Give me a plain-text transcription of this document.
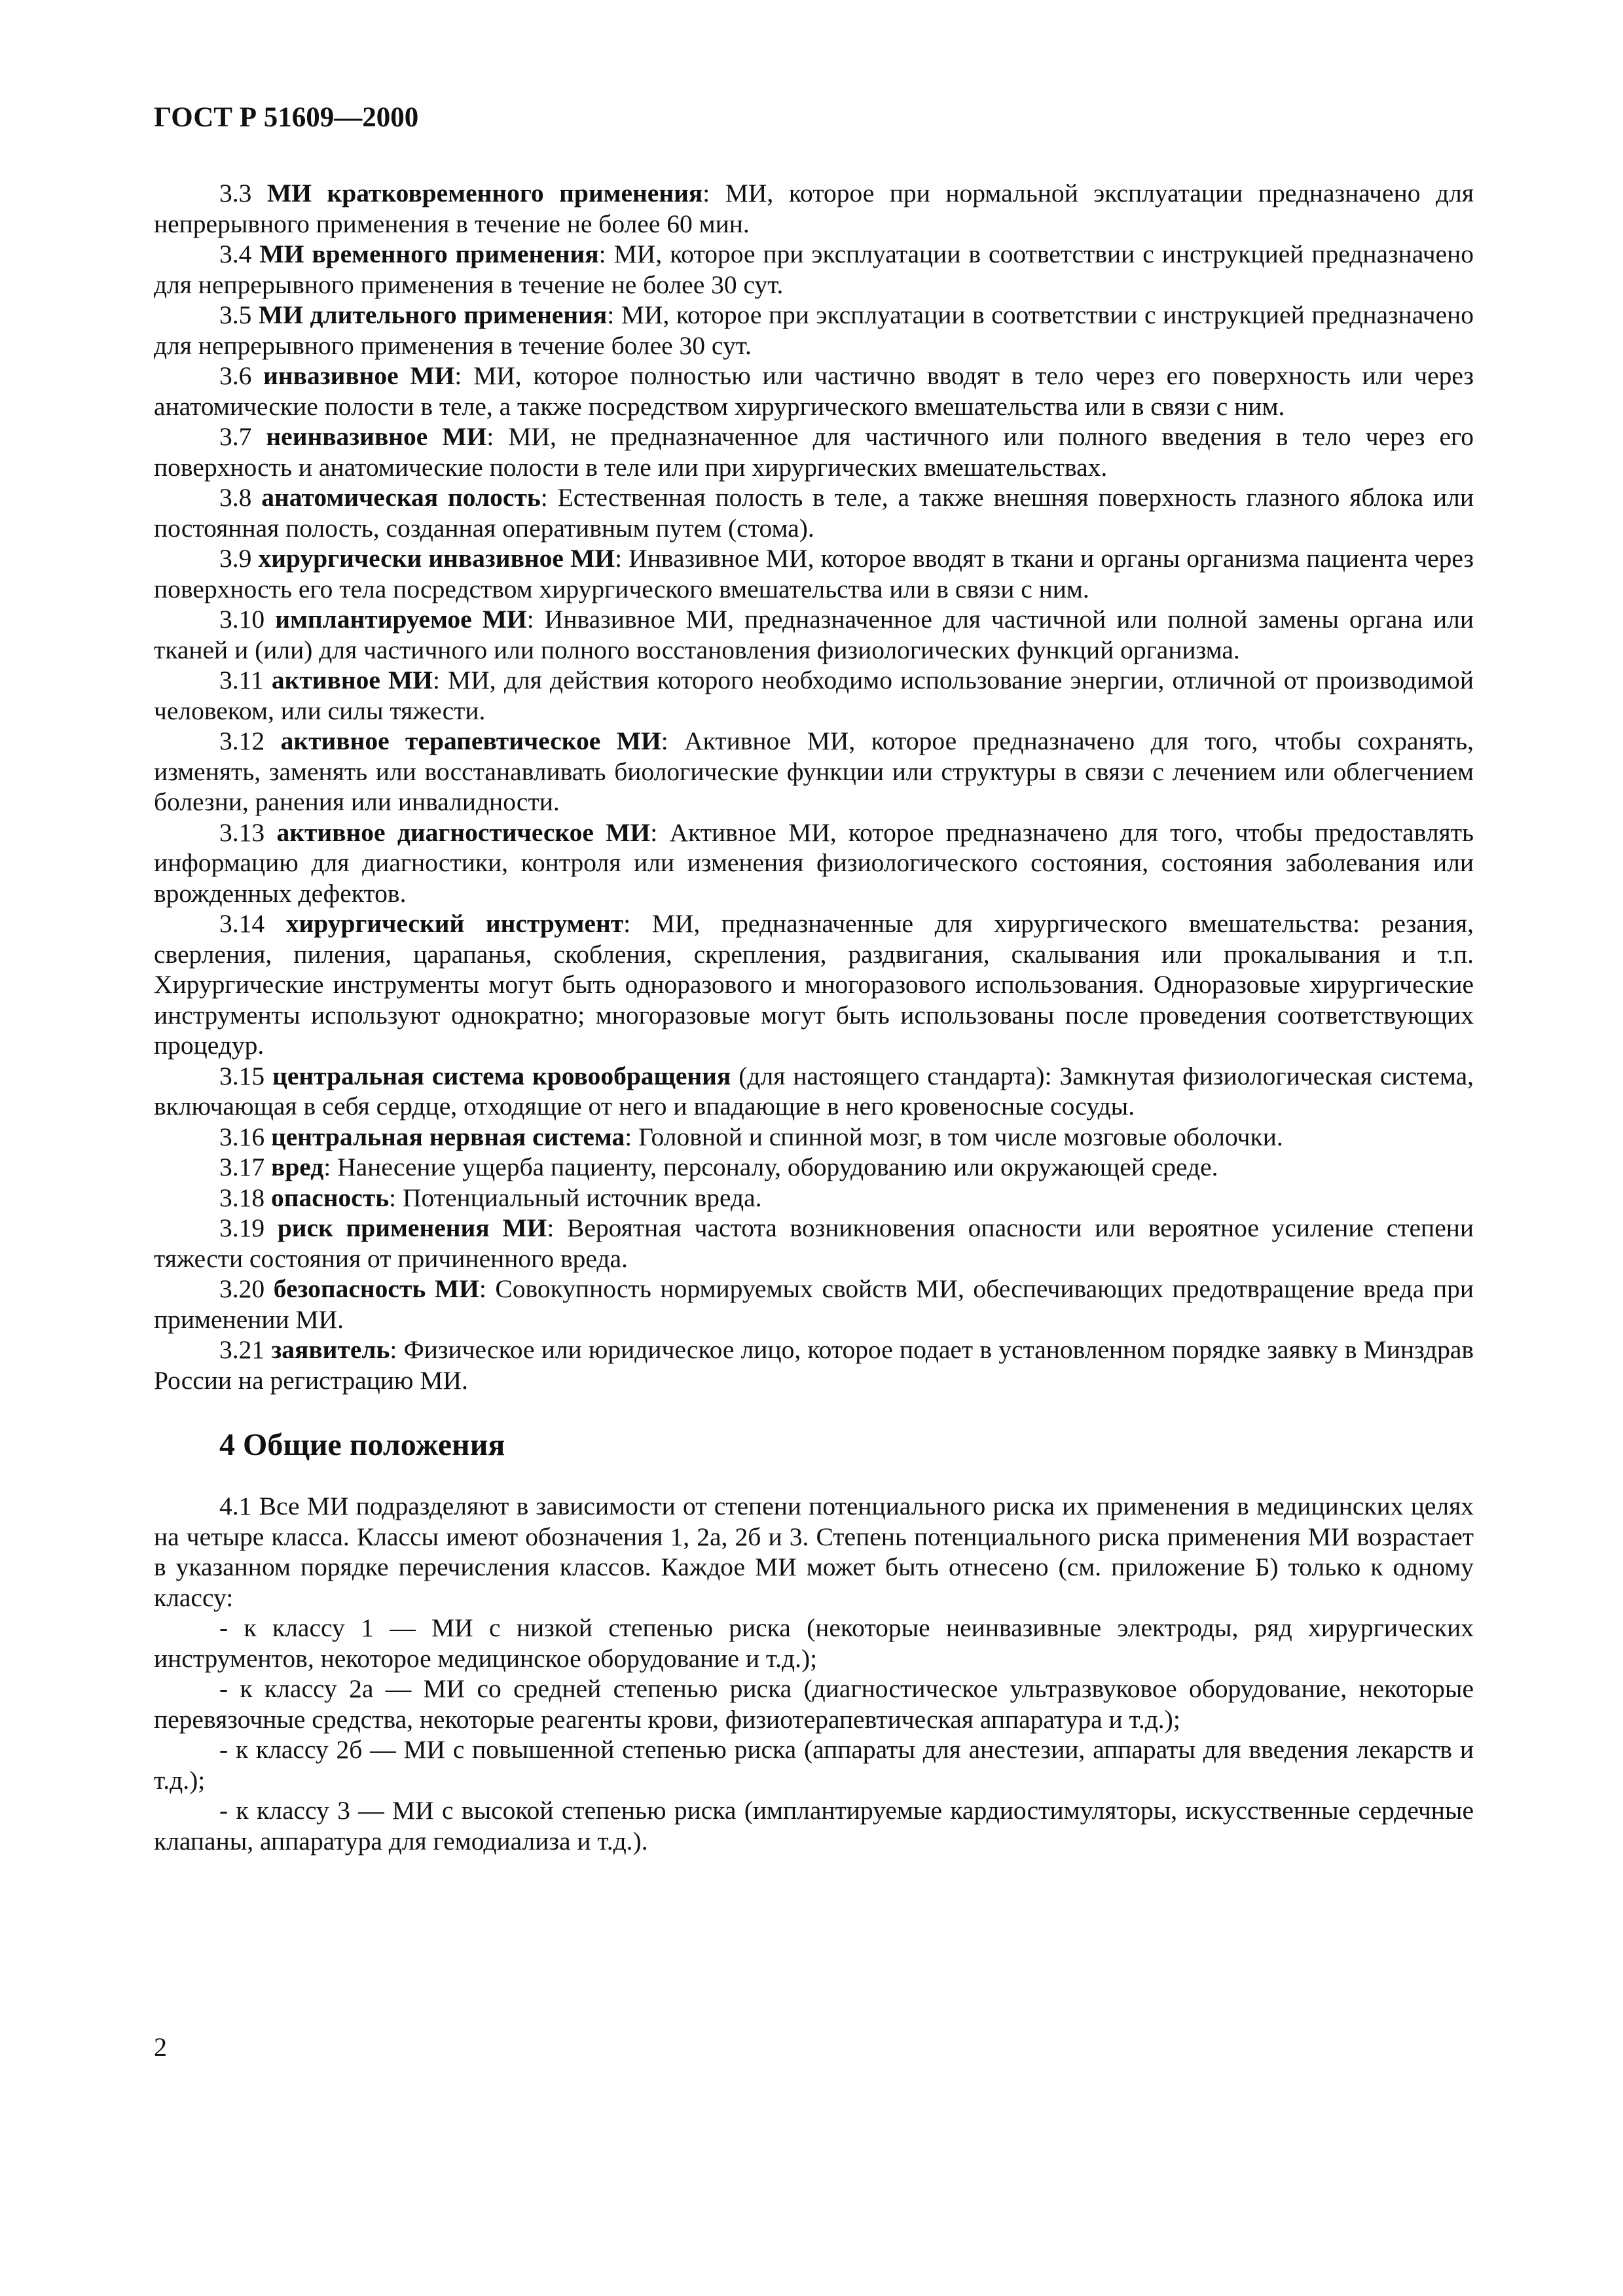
ГОСТ Р 51609—2000

3.3 МИ кратковременного применения: МИ, которое при нормальной эксплуатации предназначено для непрерывного применения в течение не более 60 мин.

3.4 МИ временного применения: МИ, которое при эксплуатации в соответствии с инструкцией предназначено для непрерывного применения в течение не более 30 сут.

3.5 МИ длительного применения: МИ, которое при эксплуатации в соответствии с инструкцией предназначено для непрерывного применения в течение более 30 сут.

3.6 инвазивное МИ: МИ, которое полностью или частично вводят в тело через его поверхность или через анатомические полости в теле, а также посредством хирургического вмешательства или в связи с ним.

3.7 неинвазивное МИ: МИ, не предназначенное для частичного или полного введения в тело через его поверхность и анатомические полости в теле или при хирургических вмешательствах.

3.8 анатомическая полость: Естественная полость в теле, а также внешняя поверхность глазного яблока или постоянная полость, созданная оперативным путем (стома).

3.9 хирургически инвазивное МИ: Инвазивное МИ, которое вводят в ткани и органы организма пациента через поверхность его тела посредством хирургического вмешательства или в связи с ним.

3.10 имплантируемое МИ: Инвазивное МИ, предназначенное для частичной или полной замены органа или тканей и (или) для частичного или полного восстановления физиологических функций организма.

3.11 активное МИ: МИ, для действия которого необходимо использование энергии, отличной от производимой человеком, или силы тяжести.

3.12 активное терапевтическое МИ: Активное МИ, которое предназначено для того, чтобы сохранять, изменять, заменять или восстанавливать биологические функции или структуры в связи с лечением или облегчением болезни, ранения или инвалидности.

3.13 активное диагностическое МИ: Активное МИ, которое предназначено для того, чтобы предоставлять информацию для диагностики, контроля или изменения физиологического состояния, состояния заболевания или врожденных дефектов.

3.14 хирургический инструмент: МИ, предназначенные для хирургического вмешательства: резания, сверления, пиления, царапанья, скобления, скрепления, раздвигания, скалывания или прокалывания и т.п. Хирургические инструменты могут быть одноразового и многоразового использования. Одноразовые хирургические инструменты используют однократно; многоразовые могут быть использованы после проведения соответствующих процедур.

3.15 центральная система кровообращения (для настоящего стандарта): Замкнутая физиологическая система, включающая в себя сердце, отходящие от него и впадающие в него кровеносные сосуды.

3.16 центральная нервная система: Головной и спинной мозг, в том числе мозговые оболочки.

3.17 вред: Нанесение ущерба пациенту, персоналу, оборудованию или окружающей среде.

3.18 опасность: Потенциальный источник вреда.

3.19 риск применения МИ: Вероятная частота возникновения опасности или вероятное усиление степени тяжести состояния от причиненного вреда.

3.20 безопасность МИ: Совокупность нормируемых свойств МИ, обеспечивающих предотвращение вреда при применении МИ.

3.21 заявитель: Физическое или юридическое лицо, которое подает в установленном порядке заявку в Минздрав России на регистрацию МИ.

4 Общие положения

4.1 Все МИ подразделяют в зависимости от степени потенциального риска их применения в медицинских целях на четыре класса. Классы имеют обозначения 1, 2а, 2б и 3. Степень потенциального риска применения МИ возрастает в указанном порядке перечисления классов. Каждое МИ может быть отнесено (см. приложение Б) только к одному классу:

- к классу 1 — МИ с низкой степенью риска (некоторые неинвазивные электроды, ряд хирургических инструментов, некоторое медицинское оборудование и т.д.);

- к классу 2а — МИ со средней степенью риска (диагностическое ультразвуковое оборудование, некоторые перевязочные средства, некоторые реагенты крови, физиотерапевтическая аппаратура и т.д.);

- к классу 2б — МИ с повышенной степенью риска (аппараты для анестезии, аппараты для введения лекарств и т.д.);

- к классу 3 — МИ с высокой степенью риска (имплантируемые кардиостимуляторы, искусственные сердечные клапаны, аппаратура для гемодиализа и т.д.).

2
